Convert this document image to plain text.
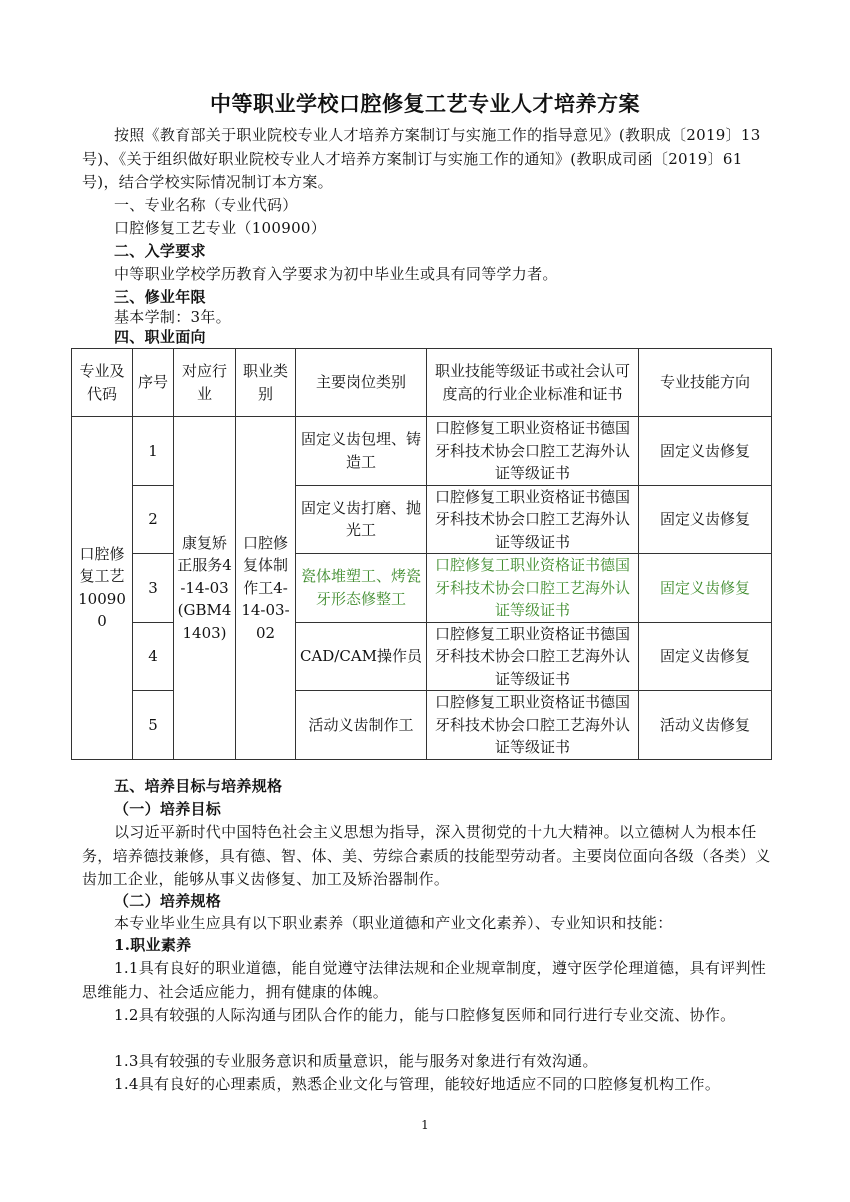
中等职业学校口腔修复工艺专业人才培养方案

按照《教育部关于职业院校专业人才培养方案制订与实施工作的指导意见》(教职成〔2019〕13号)、《关于组织做好职业院校专业人才培养方案制订与实施工作的通知》(教职成司函〔2019〕61号)，结合学校实际情况制订本方案。

一、专业名称（专业代码）
口腔修复工艺专业（100900）
二、入学要求
中等职业学校学历教育入学要求为初中毕业生或具有同等学力者。
三、修业年限
基本学制：3年。
四、职业面向
专业及代码	序号	对应行业	职业类别	主要岗位类别	职业技能等级证书或社会认可度高的行业企业标准和证书	专业技能方向
口腔修复工艺100900	1	康复矫正服务4-14-03(GBM41403)	口腔修复体制作工4-14-03-02	固定义齿包埋、铸造工	口腔修复工职业资格证书德国牙科技术协会口腔工艺海外认证等级证书	固定义齿修复
	2			固定义齿打磨、抛光工	口腔修复工职业资格证书德国牙科技术协会口腔工艺海外认证等级证书	固定义齿修复
	3			瓷体堆塑工、烤瓷牙形态修整工	口腔修复工职业资格证书德国牙科技术协会口腔工艺海外认证等级证书	固定义齿修复
	4			CAD/CAM操作员	口腔修复工职业资格证书德国牙科技术协会口腔工艺海外认证等级证书	固定义齿修复
	5			活动义齿制作工	口腔修复工职业资格证书德国牙科技术协会口腔工艺海外认证等级证书	活动义齿修复
五、培养目标与培养规格
（一）培养目标

以习近平新时代中国特色社会主义思想为指导，深入贯彻党的十九大精神。以立德树人为根本任务，培养德技兼修，具有德、智、体、美、劳综合素质的技能型劳动者。主要岗位面向各级（各类）义齿加工企业，能够从事义齿修复、加工及矫治器制作。

（二）培养规格

本专业毕业生应具有以下职业素养（职业道德和产业文化素养）、专业知识和技能：

1.职业素养

1.1具有良好的职业道德，能自觉遵守法律法规和企业规章制度，遵守医学伦理道德，具有评判性思维能力、社会适应能力，拥有健康的体魄。

1.2具有较强的人际沟通与团队合作的能力，能与口腔修复医师和同行进行专业交流、协作。

1.3具有较强的专业服务意识和质量意识，能与服务对象进行有效沟通。

1.4具有良好的心理素质，熟悉企业文化与管理，能较好地适应不同的口腔修复机构工作。

1
